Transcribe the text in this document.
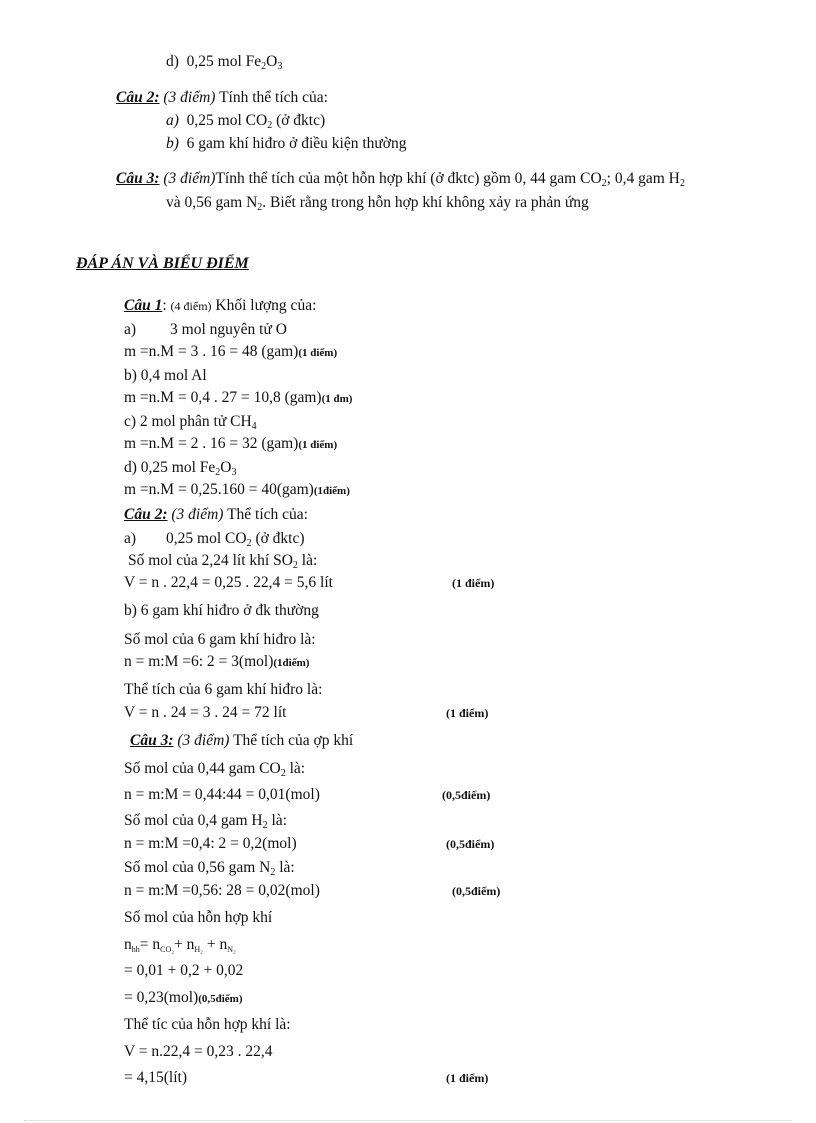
d) 0,25 mol $Fe_2O_3$
Câu 2: (3 điểm) Tính thể tích của:
a) 0,25 mol $CO_2$ (ở đktc)
b) 6 gam khí hiđro ở điều kiện thường
Câu 3: (3 điểm)Tính thể tích của một hỗn hợp khí (ở đktc) gồm 0, 44 gam $CO_2$; 0,4 gam $H_2$
và 0,56 gam $N_2$. Biết rằng trong hỗn hợp khí không xảy ra phản ứng
ĐÁP ÁN VÀ BIỂU ĐIỂM
Câu 1: (4 điểm) Khối lượng của:
a) 3 mol nguyên tử O
m =n.M = 3 . 16 = 48 (gam)(1 điểm)
b) 0,4 mol Al
m =n.M = 0,4 . 27 = 10,8 (gam)(1 đm)
c) 2 mol phân tử $CH_4$
m =n.M = 2 . 16 = 32 (gam)(1 điểm)
d) 0,25 mol $Fe_2O_3$
m =n.M = 0,25.160 = 40(gam)(1điểm)
Câu 2: (3 điểm) Thể tích của:
a) 0,25 mol $CO_2$ (ở đktc)
Số mol của 2,24 lít khí $SO_2$ là:
V = n . 22,4 = 0,25 . 22,4 = 5,6 lít	(1 điểm)
b) 6 gam khí hiđro ở đk thường
Số mol của 6 gam khí hiđro là:
n = m:M =6: 2 = 3(mol)(1điểm)
Thể tích của 6 gam khí hiđro là:
V = n . 24 = 3 . 24 = 72 lít	(1 điểm)
Câu 3: (3 điểm) Thể tích của ợp khí
Số mol của 0,44 gam $CO_2$ là:
n = m:M = 0,44:44 = 0,01(mol)	(0,5điểm)
Số mol của 0,4 gam $H_2$ là:
n = m:M =0,4: 2 = 0,2(mol)	(0,5điểm)
Số mol của 0,56 gam $N_2$ là:
n = m:M =0,56: 28 = 0,02(mol)	(0,5điểm)
Số mol của hỗn hợp khí
$n_{hh}= n_{CO_2}+ n_{H_2} + n_{N_2}$
= 0,01 + 0,2 + 0,02
= 0,23(mol)(0,5điểm)
Thể tíc của hỗn hợp khí là:
V = n.22,4 = 0,23 . 22,4
= 4,15(lít)	(1 điểm)
